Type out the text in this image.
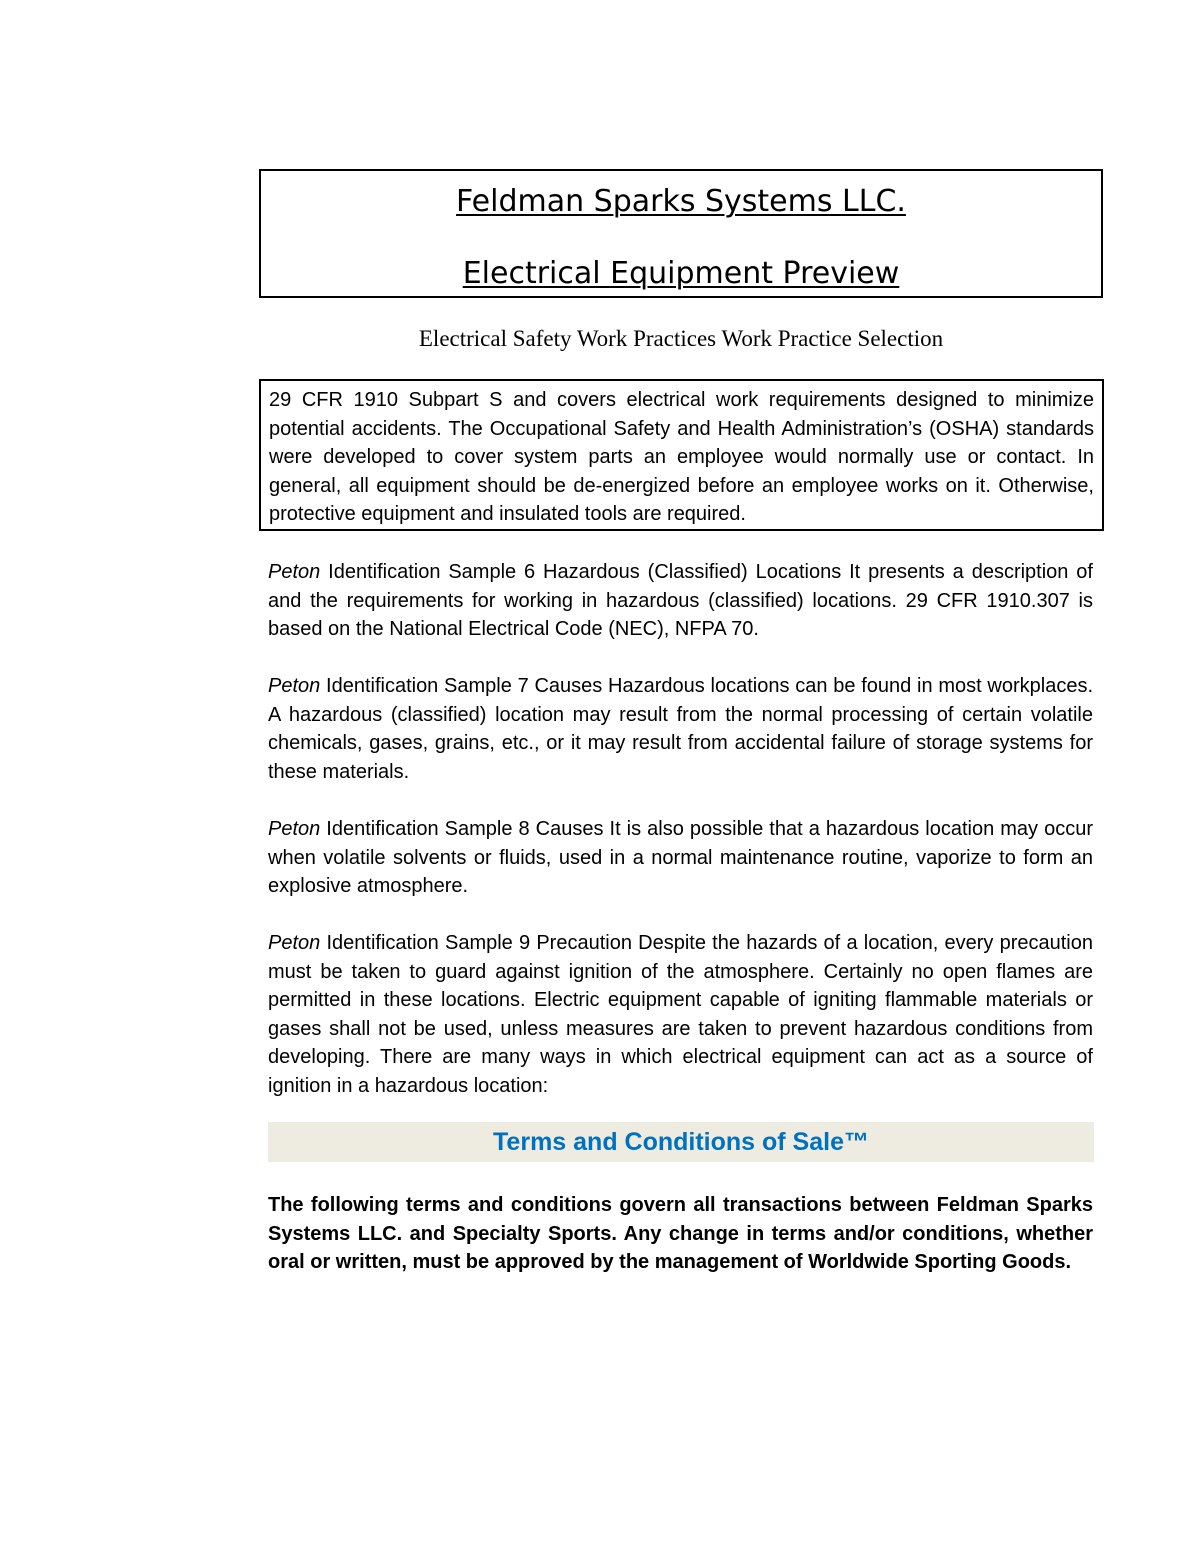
Feldman Sparks Systems LLC.
Electrical Equipment Preview
Electrical Safety Work Practices Work Practice Selection
29 CFR 1910 Subpart S and covers electrical work requirements designed to minimize potential accidents. The Occupational Safety and Health Administration’s (OSHA) standards were developed to cover system parts an employee would normally use or contact. In general, all equipment should be de-energized before an employee works on it. Otherwise, protective equipment and insulated tools are required.
Peton Identification Sample 6 Hazardous (Classified) Locations It presents a description of and the requirements for working in hazardous (classified) locations. 29 CFR 1910.307 is based on the National Electrical Code (NEC), NFPA 70.
Peton Identification Sample 7 Causes Hazardous locations can be found in most workplaces. A hazardous (classified) location may result from the normal processing of certain volatile chemicals, gases, grains, etc., or it may result from accidental failure of storage systems for these materials.
Peton Identification Sample 8 Causes It is also possible that a hazardous location may occur when volatile solvents or fluids, used in a normal maintenance routine, vaporize to form an explosive atmosphere.
Peton Identification Sample 9 Precaution Despite the hazards of a location, every precaution must be taken to guard against ignition of the atmosphere. Certainly no open flames are permitted in these locations. Electric equipment capable of igniting flammable materials or gases shall not be used, unless measures are taken to prevent hazardous conditions from developing. There are many ways in which electrical equipment can act as a source of ignition in a hazardous location:
Terms and Conditions of Sale™
The following terms and conditions govern all transactions between Feldman Sparks Systems LLC. and Specialty Sports. Any change in terms and/or conditions, whether oral or written, must be approved by the management of Worldwide Sporting Goods.
